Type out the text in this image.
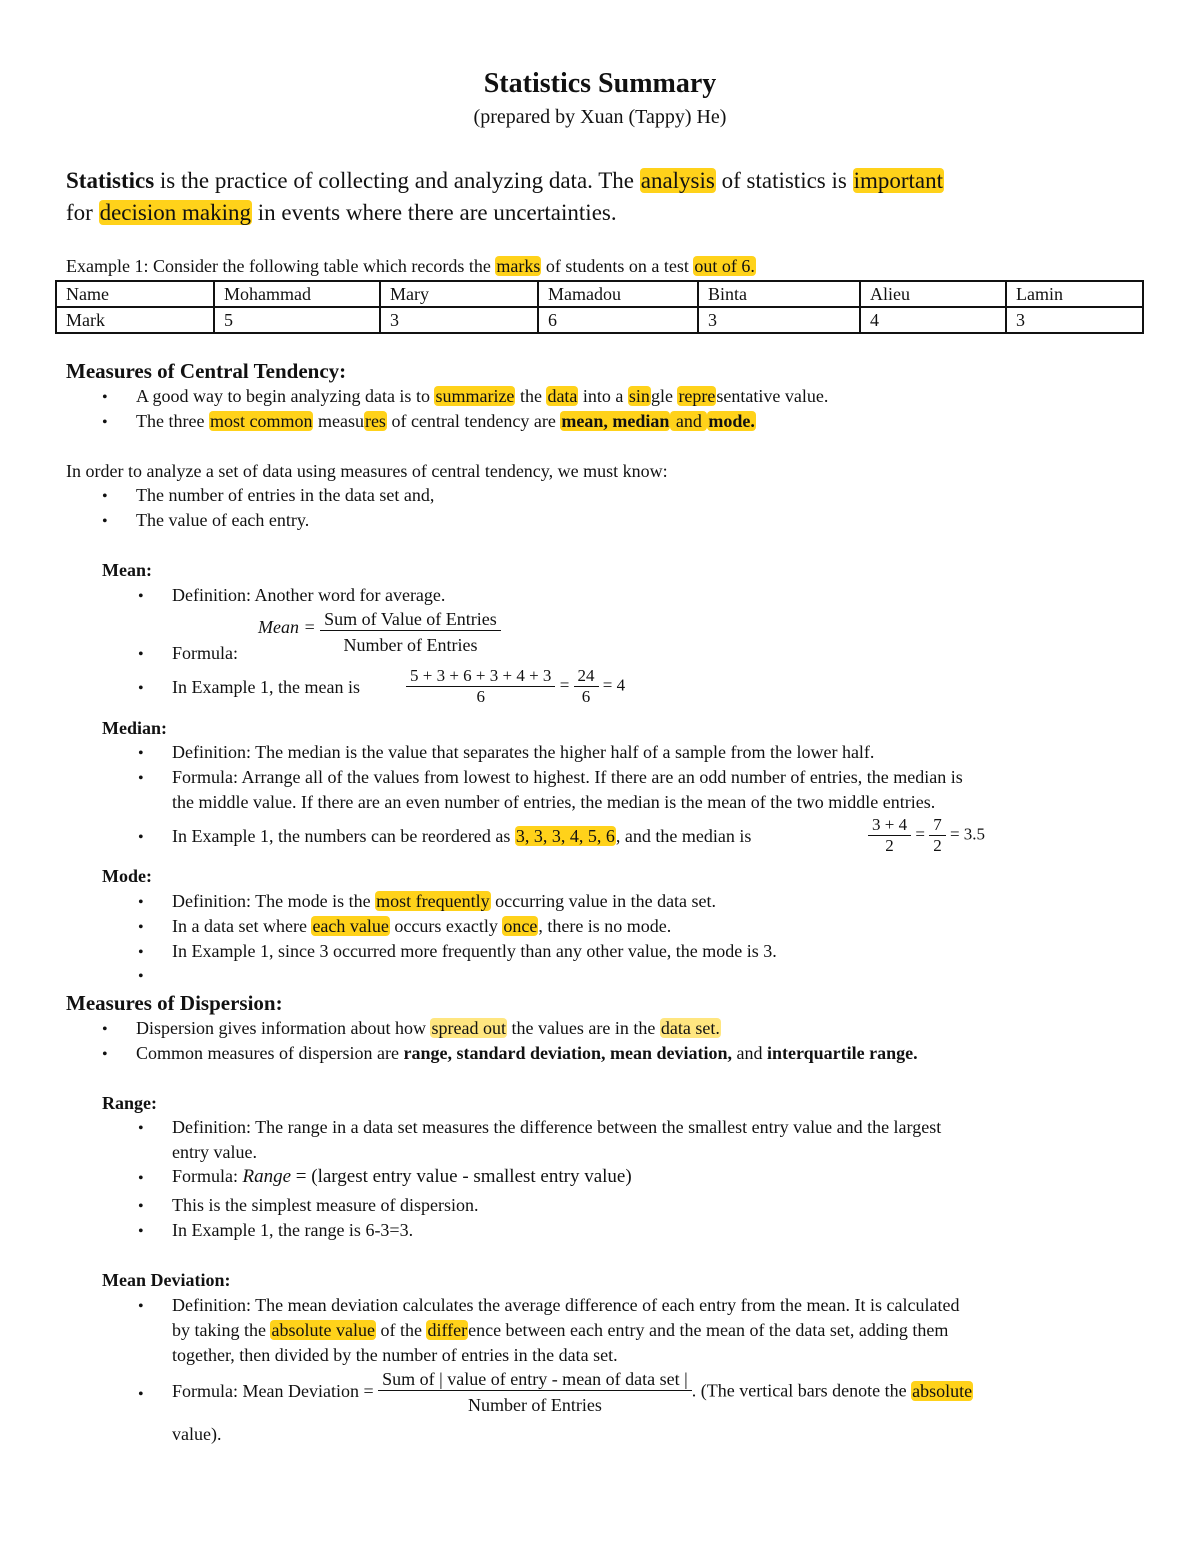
Statistics Summary
(prepared by Xuan (Tappy) He)
Statistics is the practice of collecting and analyzing data. The analysis of statistics is important
for decision making in events where there are uncertainties.
Example 1: Consider the following table which records the marks of students on a test out of 6.
Name	Mohammad	Mary	Mamadou	Binta	Alieu	Lamin
Mark	5	3	6	3	4	3
Measures of Central Tendency:
• A good way to begin analyzing data is to summarize the data into a single representative value.
• The three most common measures of central tendency are mean, median and mode.
In order to analyze a set of data using measures of central tendency, we must know:
• The number of entries in the data set and,
• The value of each entry.
Mean:
• Definition: Another word for average.
Mean = $\frac{\text{Sum of Value of Entries}}{\text{Number of Entries}}$
• Formula:
• In Example 1, the mean is	$\frac{5 + 3 + 6 + 3 + 4 + 3}{6} = \frac{24}{6} = 4$
Median:
• Definition: The median is the value that separates the higher half of a sample from the lower half.
• Formula: Arrange all of the values from lowest to highest. If there are an odd number of entries, the median is
the middle value. If there are an even number of entries, the median is the mean of the two middle entries.
• In Example 1, the numbers can be reordered as 3, 3, 3, 4, 5, 6, and the median is	$\frac{3 + 4}{2} = \frac{7}{2} = 3.5$
Mode:
• Definition: The mode is the most frequently occurring value in the data set.
• In a data set where each value occurs exactly once, there is no mode.
• In Example 1, since 3 occurred more frequently than any other value, the mode is 3.
•
Measures of Dispersion:
• Dispersion gives information about how spread out the values are in the data set.
• Common measures of dispersion are range, standard deviation, mean deviation, and interquartile range.
Range:
• Definition: The range in a data set measures the difference between the smallest entry value and the largest
entry value.
• Formula: Range = (largest entry value - smallest entry value)
• This is the simplest measure of dispersion.
• In Example 1, the range is 6-3=3.
Mean Deviation:
• Definition: The mean deviation calculates the average difference of each entry from the mean. It is calculated
by taking the absolute value of the difference between each entry and the mean of the data set, adding them
together, then divided by the number of entries in the data set.
• Formula: Mean Deviation = $\frac{\text{Sum of | value of entry - mean of data set |}}{\text{Number of Entries}}$ . (The vertical bars denote the absolute
value).
